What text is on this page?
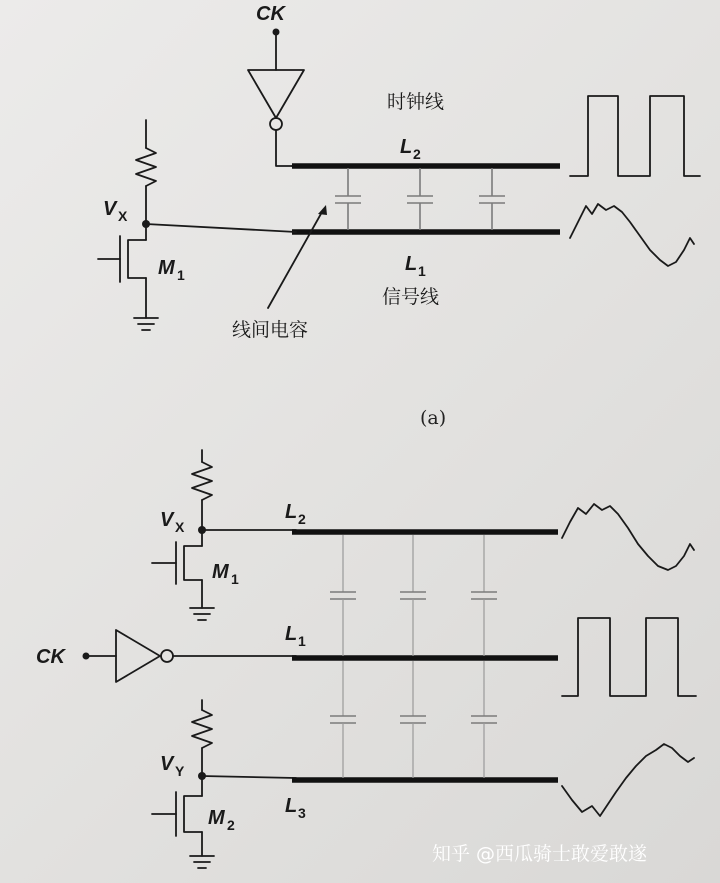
CK
时钟线
L 2
L 1
信号线
线间电容
V X
M 1
(a)
V X
M 1
L 2
CK
L 1
V Y
M 2
L 3
知乎 @西瓜骑士敢爱敢遂
